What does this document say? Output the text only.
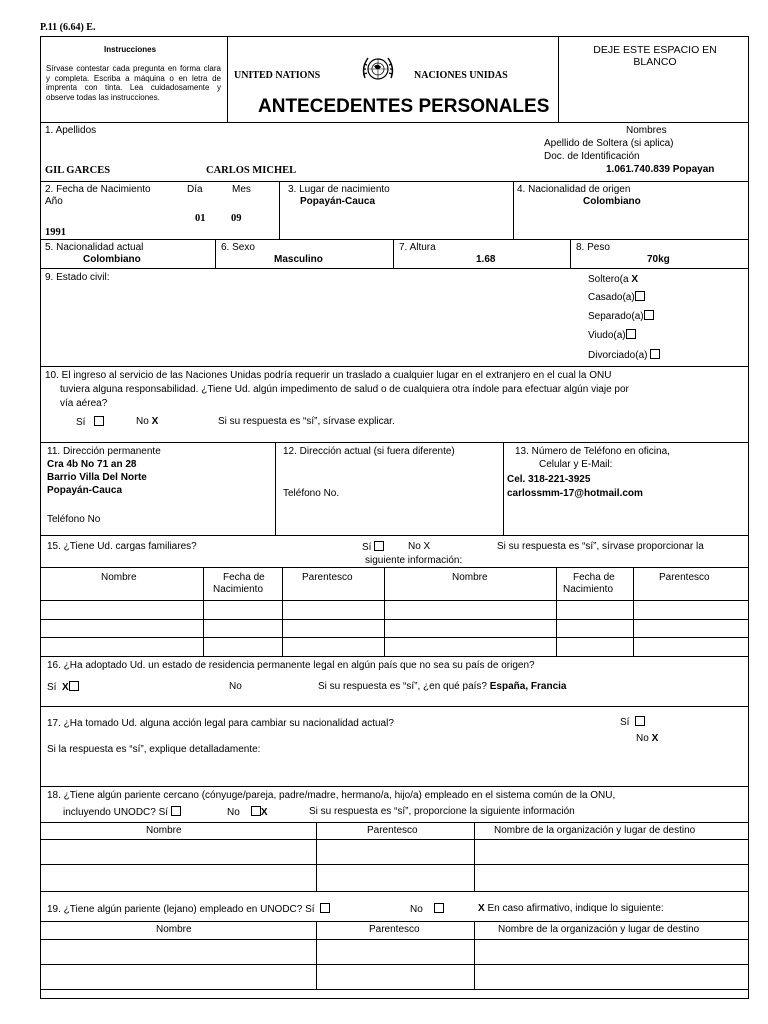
P.11 (6.64) E.
Instrucciones
Sírvase contestar cada pregunta en forma clara y completa. Escriba a máquina o en letra de imprenta con tinta. Lea cuidadosamente y observe todas las instrucciones.
UNITED NATIONS	NACIONES UNIDAS
ANTECEDENTES PERSONALES
DEJE ESTE ESPACIO EN BLANCO
1. Apellidos	Nombres
Apellido de Soltera (si aplica)
Doc. de Identificación
GIL GARCES	CARLOS MICHEL	1.061.740.839 Popayan
2. Fecha de Nacimiento	Día	Mes
Año
01 09
1991
3. Lugar de nacimiento
Popayán-Cauca
4. Nacionalidad de origen
Colombiano
5. Nacionalidad actual
Colombiano
6. Sexo
Masculino
7. Altura
1.68
8. Peso
70kg
9. Estado civil:	Soltero(a X
Casado(a)
Separado(a)
Viudo(a)
Divorciado(a)
10. El ingreso al servicio de las Naciones Unidas podría requerir un traslado a cualquier lugar en el extranjero en el cual la ONU
tuviera alguna responsabilidad. ¿Tiene Ud. algún impedimento de salud o de cualquiera otra índole para efectuar algún viaje por
vía aérea?
Sí	No X	Si su respuesta es “sí”, sírvase explicar.
11. Dirección permanente
Cra 4b No 71 an 28
Barrio Villa Del Norte
Popayán-Cauca
Teléfono No
12. Dirección actual (si fuera diferente)
Teléfono No.
13. Número de Teléfono en oficina,
Celular y E-Mail:
Cel. 318-221-3925
carlossmm-17@hotmail.com
15. ¿Tiene Ud. cargas familiares?	Sí	No X	Si su respuesta es “sí”, sírvase proporcionar la
siguiente información:
Nombre	Fecha de
Nacimiento
Parentesco	Nombre	Fecha de
Nacimiento
Parentesco
16. ¿Ha adoptado Ud. un estado de residencia permanente legal en algún país que no sea su país de origen?
Sí X	No	Si su respuesta es “sí”, ¿en qué país? España, Francia
17. ¿Ha tomado Ud. alguna acción legal para cambiar su nacionalidad actual?	Sí
No X
Si la respuesta es “sí”, explique detalladamente:
18. ¿Tiene algún pariente cercano (cónyuge/pareja, padre/madre, hermano/a, hijo/a) empleado en el sistema común de la ONU,
incluyendo UNODC? Sí	No X	Si su respuesta es “sí”, proporcione la siguiente información
Nombre	Parentesco	Nombre de la organización y lugar de destino
19. ¿Tiene algún pariente (lejano) empleado en UNODC? Sí	No	X En caso afirmativo, indique lo siguiente:
Nombre	Parentesco	Nombre de la organización y lugar de destino
